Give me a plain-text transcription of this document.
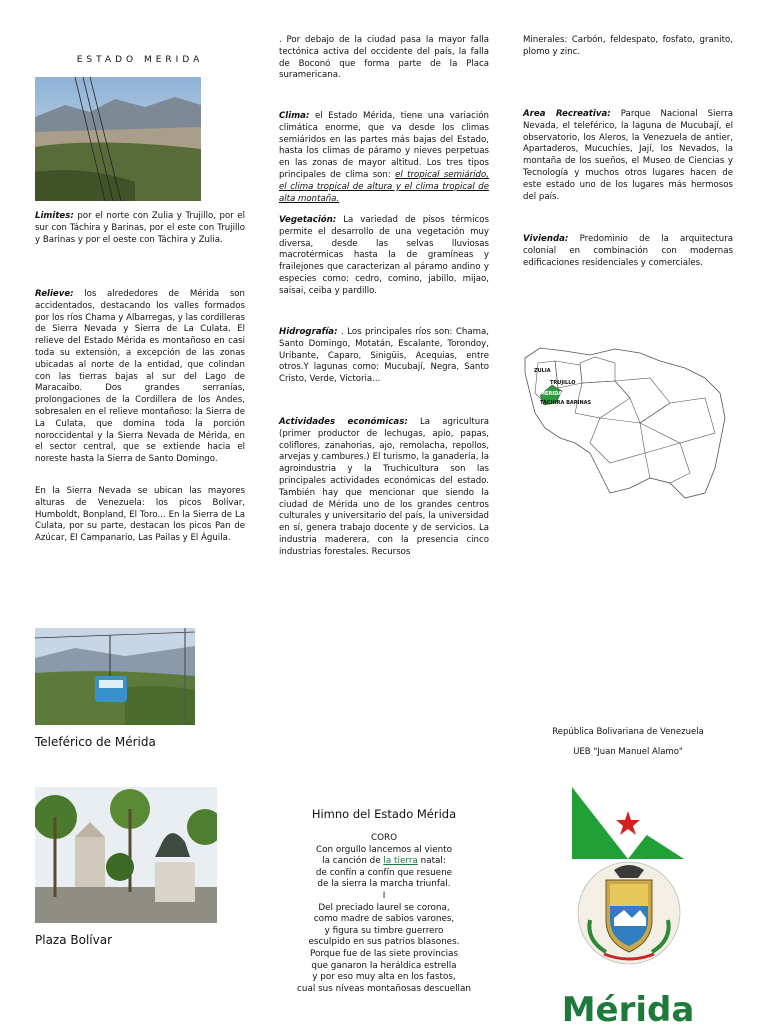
ESTADO MERIDA
Limites: por el norte con Zulia y Trujillo, por el sur con Táchira y Barinas, por el este con Trujillo y Barinas y por el oeste con Táchira y Zulia.
Relieve: los alrededores de Mérida son accidentados, destacando los valles formados por los ríos Chama y Albarregas, y las cordilleras de Sierra Nevada y Sierra de La Culata. El relieve del Estado Mérida es montañoso en casi toda su extensión, a excepción de las zonas ubicadas al norte de la entidad, que colindan con las tierras bajas al sur del Lago de Maracaibo. Dos grandes serranías, prolongaciones de la Cordillera de los Andes, sobresalen en el relieve montañoso: la Sierra de La Culata, que domina toda la porción noroccidental y la Sierra Nevada de Mérida, en el sector central, que se extiende hacia el noreste hasta la Sierra de Santo Domingo.
En la Sierra Nevada se ubican las mayores alturas de Venezuela: los picos Bolívar, Humboldt, Bonpland, El Toro... En la Sierra de La Culata, por su parte, destacan los picos Pan de Azúcar, El Campanario, Las Pailas y El Águila.
Teleférico de Mérida
Plaza Bolívar
. Por debajo de la ciudad pasa la mayor falla tectónica activa del occidente del país, la falla de Boconó que forma parte de la Placa suramericana.
Clima: el Estado Mérida, tiene una variación climática enorme, que va desde los climas semiáridos en las partes más bajas del Estado, hasta los climas de páramo y nieves perpetuas en las zonas de mayor altitud. Los tres tipos principales de clima son: el tropical semiárido, el clima tropical de altura y el clima tropical de alta montaña.
Vegetación: La variedad de pisos térmicos permite el desarrollo de una vegetación muy diversa, desde las selvas lluviosas macrotérmicas hasta la de gramíneas y frailejones que caracterizan al páramo andino y especies como: cedro, comino, jabillo, mijao, saisai, ceiba y pardillo.
Hidrografía: . Los principales ríos son: Chama, Santo Domingo, Motatán, Escalante, Torondoy, Uribante, Caparo, Sinigüis, Acequias, entre otros.Y lagunas como: Mucubají, Negra, Santo Cristo, Verde, Victoria...
Actividades económicas: La agricultura (primer productor de lechugas, apio, papas, coliflores, zanahorias, ajo, remolacha, repollos, arvejas y cambures.) El turismo, la ganadería, la agroindustria y la Truchicultura son las principales actividades económicas del estado. También hay que mencionar que siendo la ciudad de Mérida uno de los grandes centros culturales y universitario del país, la universidad en sí, genera trabajo docente y de servicios. La industria maderera, con la presencia cinco industrias forestales. Recursos
Himno del Estado Mérida
CORO
Con orgullo lancemos al viento
la canción de la tierra natal:
de confín a confín que resuene
de la sierra la marcha triunfal.
I
Del preciado laurel se corona,
como madre de sabios varones,
y figura su timbre guerrero
esculpido en sus patrios blasones.
Porque fue de las siete provincias
que ganaron la heráldica estrella
y por eso muy alta en los fastos,
cual sus níveas montañosas descuellan
Minerales: Carbón, feldespato, fosfato, granito, plomo y zinc.
Area Recreativa: Parque Nacional Sierra Nevada, el teleférico, la laguna de Mucubají, el observatorio, los Aleros, la Venezuela de antier, Apartaderos, Mucuchíes, Jají, los Nevados, la montaña de los sueños, el Museo de Ciencias y Tecnología y muchos otros lugares hacen de este estado uno de los lugares más hermosos del país.
Vivienda: Predominio de la arquitectura colonial en combinación con modernas edificaciones residenciales y comerciales.
ZULIA
TRUJILLO
MÉRIDA
TÁCHIRA BARINAS
República Bolivariana de Venezuela
UEB "Juan Manuel Alamo"
Mérida
